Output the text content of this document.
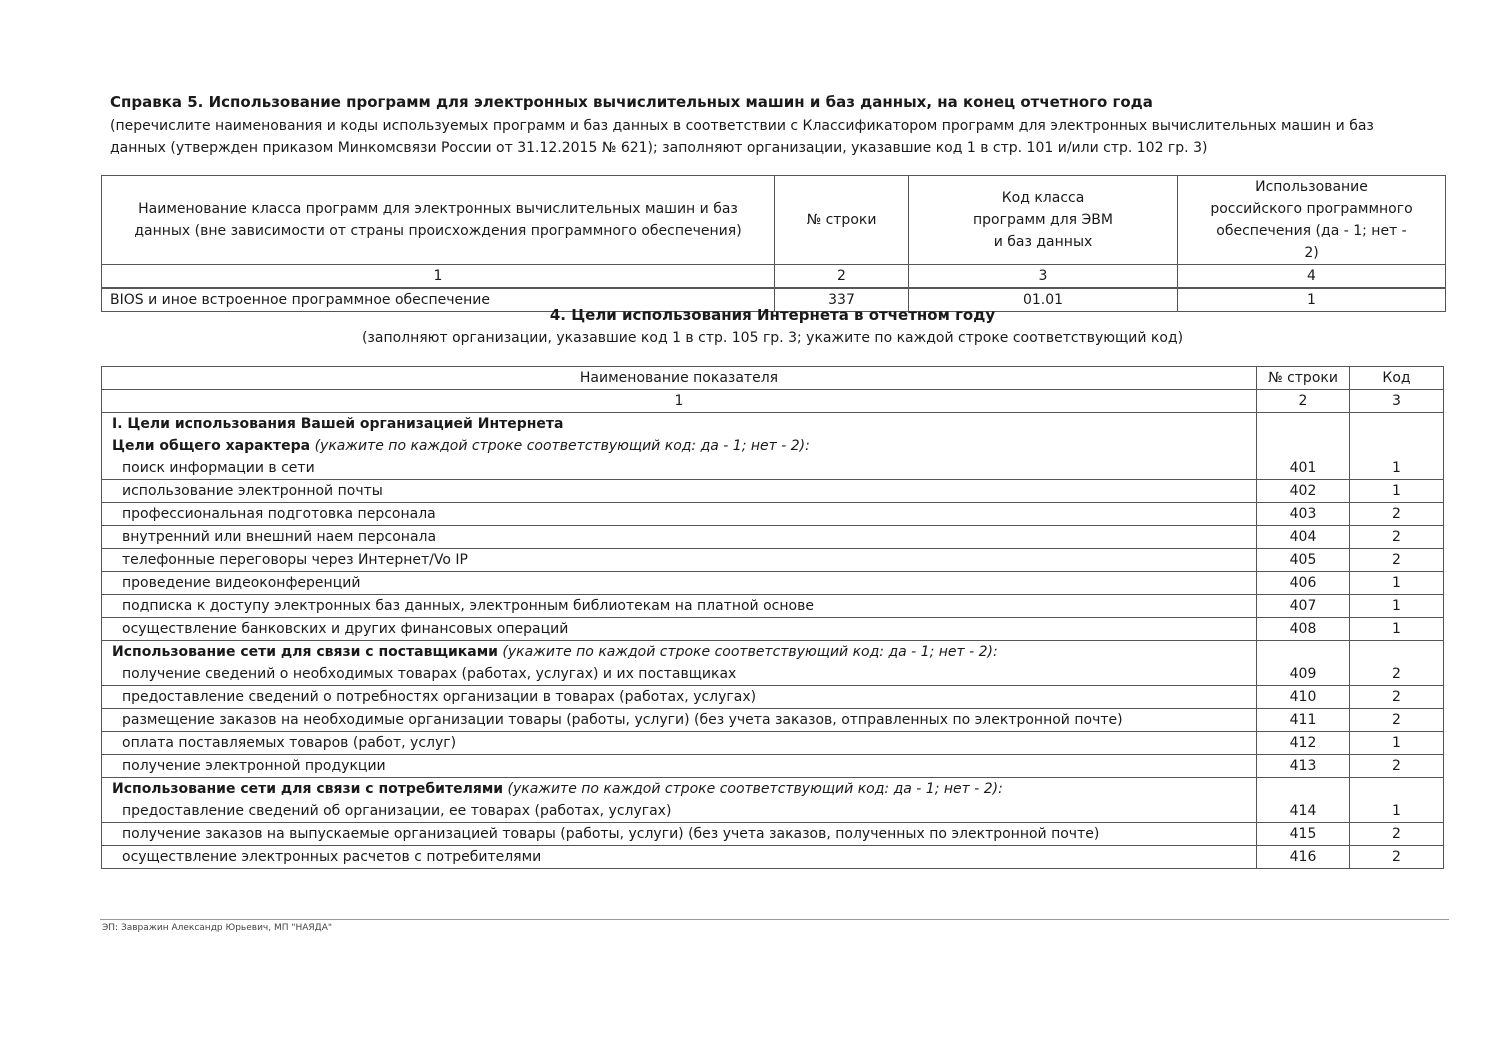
Справка 5. Использование программ для электронных вычислительных машин и баз данных, на конец отчетного года
(перечислите наименования и коды используемых программ и баз данных в соответствии с Классификатором программ для электронных вычислительных машин и баз
данных (утвержден приказом Минкомсвязи России от 31.12.2015 № 621); заполняют организации, указавшие код 1 в стр. 101 и/или стр. 102 гр. 3)
Наименование класса программ для электронных вычислительных машин и баз данных (вне зависимости от страны происхождения программного обеспечения)	№ строки	Код класса программ для ЭВМ и баз данных	Использование российского программного обеспечения (да - 1; нет - 2)
1	2	3	4
BIOS и иное встроенное программное обеспечение	337	01.01	1
4. Цели использования Интернета в отчетном году
(заполняют организации, указавшие код 1 в стр. 105 гр. 3; укажите по каждой строке соответствующий код)
Наименование показателя	№ строки	Код
1	2	3
I. Цели использования Вашей организацией Интернета		
Цели общего характера (укажите по каждой строке соответствующий код: да - 1; нет - 2):		
поиск информации в сети	401	1
использование электронной почты	402	1
профессиональная подготовка персонала	403	2
внутренний или внешний наем персонала	404	2
телефонные переговоры через Интернет/Vo IP	405	2
проведение видеоконференций	406	1
подписка к доступу электронных баз данных, электронным библиотекам на платной основе	407	1
осуществление банковских и других финансовых операций	408	1
Использование сети для связи с поставщиками (укажите по каждой строке соответствующий код: да - 1; нет - 2):		
получение сведений о необходимых товарах (работах, услугах) и их поставщиках	409	2
предоставление сведений о потребностях организации в товарах (работах, услугах)	410	2
размещение заказов на необходимые организации товары (работы, услуги) (без учета заказов, отправленных по электронной почте)	411	2
оплата поставляемых товаров (работ, услуг)	412	1
получение электронной продукции	413	2
Использование сети для связи с потребителями (укажите по каждой строке соответствующий код: да - 1; нет - 2):		
предоставление сведений об организации, ее товарах (работах, услугах)	414	1
получение заказов на выпускаемые организацией товары (работы, услуги) (без учета заказов, полученных по электронной почте)	415	2
осуществление электронных расчетов с потребителями	416	2
ЭП: Завражин Александр Юрьевич, МП "НАЯДА"
